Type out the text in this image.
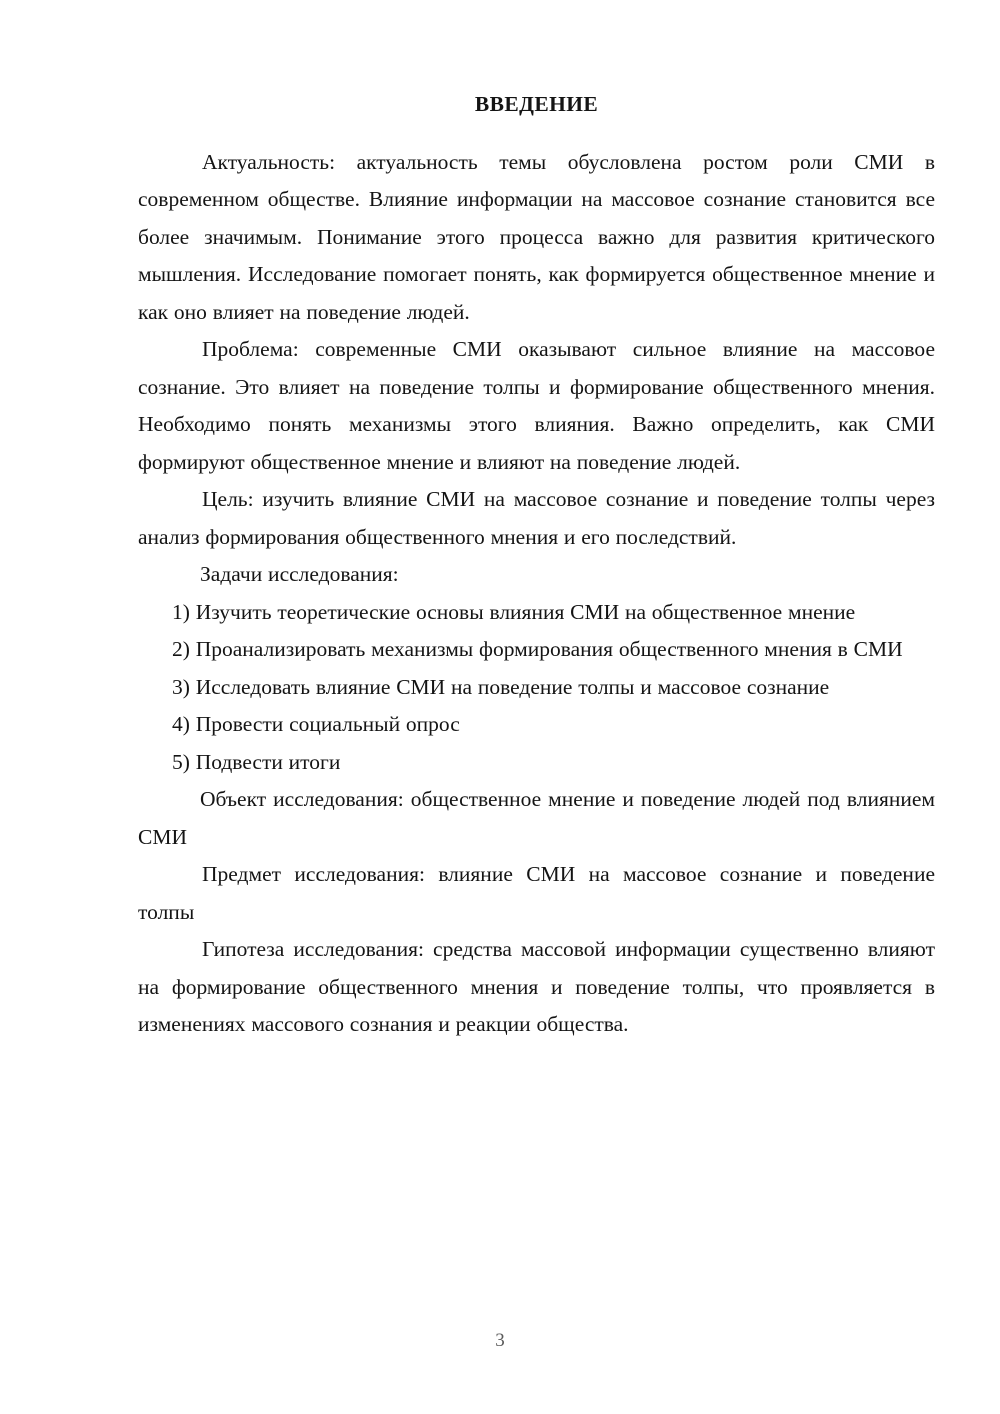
ВВЕДЕНИЕ

Актуальность: актуальность темы обусловлена ростом роли СМИ в современном обществе. Влияние информации на массовое сознание становится все более значимым. Понимание этого процесса важно для развития критического мышления. Исследование помогает понять, как формируется общественное мнение и как оно влияет на поведение людей.

Проблема: современные СМИ оказывают сильное влияние на массовое сознание. Это влияет на поведение толпы и формирование общественного мнения. Необходимо понять механизмы этого влияния. Важно определить, как СМИ формируют общественное мнение и влияют на поведение людей.

Цель: изучить влияние СМИ на массовое сознание и поведение толпы через анализ формирования общественного мнения и его последствий.

Задачи исследования:

1) Изучить теоретические основы влияния СМИ на общественное мнение

2) Проанализировать механизмы формирования общественного мнения в СМИ

3) Исследовать влияние СМИ на поведение толпы и массовое сознание

4) Провести социальный опрос

5) Подвести итоги

Объект исследования: общественное мнение и поведение людей под влиянием СМИ

Предмет исследования: влияние СМИ на массовое сознание и поведение толпы

Гипотеза исследования: средства массовой информации существенно влияют на формирование общественного мнения и поведение толпы, что проявляется в изменениях массового сознания и реакции общества.

3
